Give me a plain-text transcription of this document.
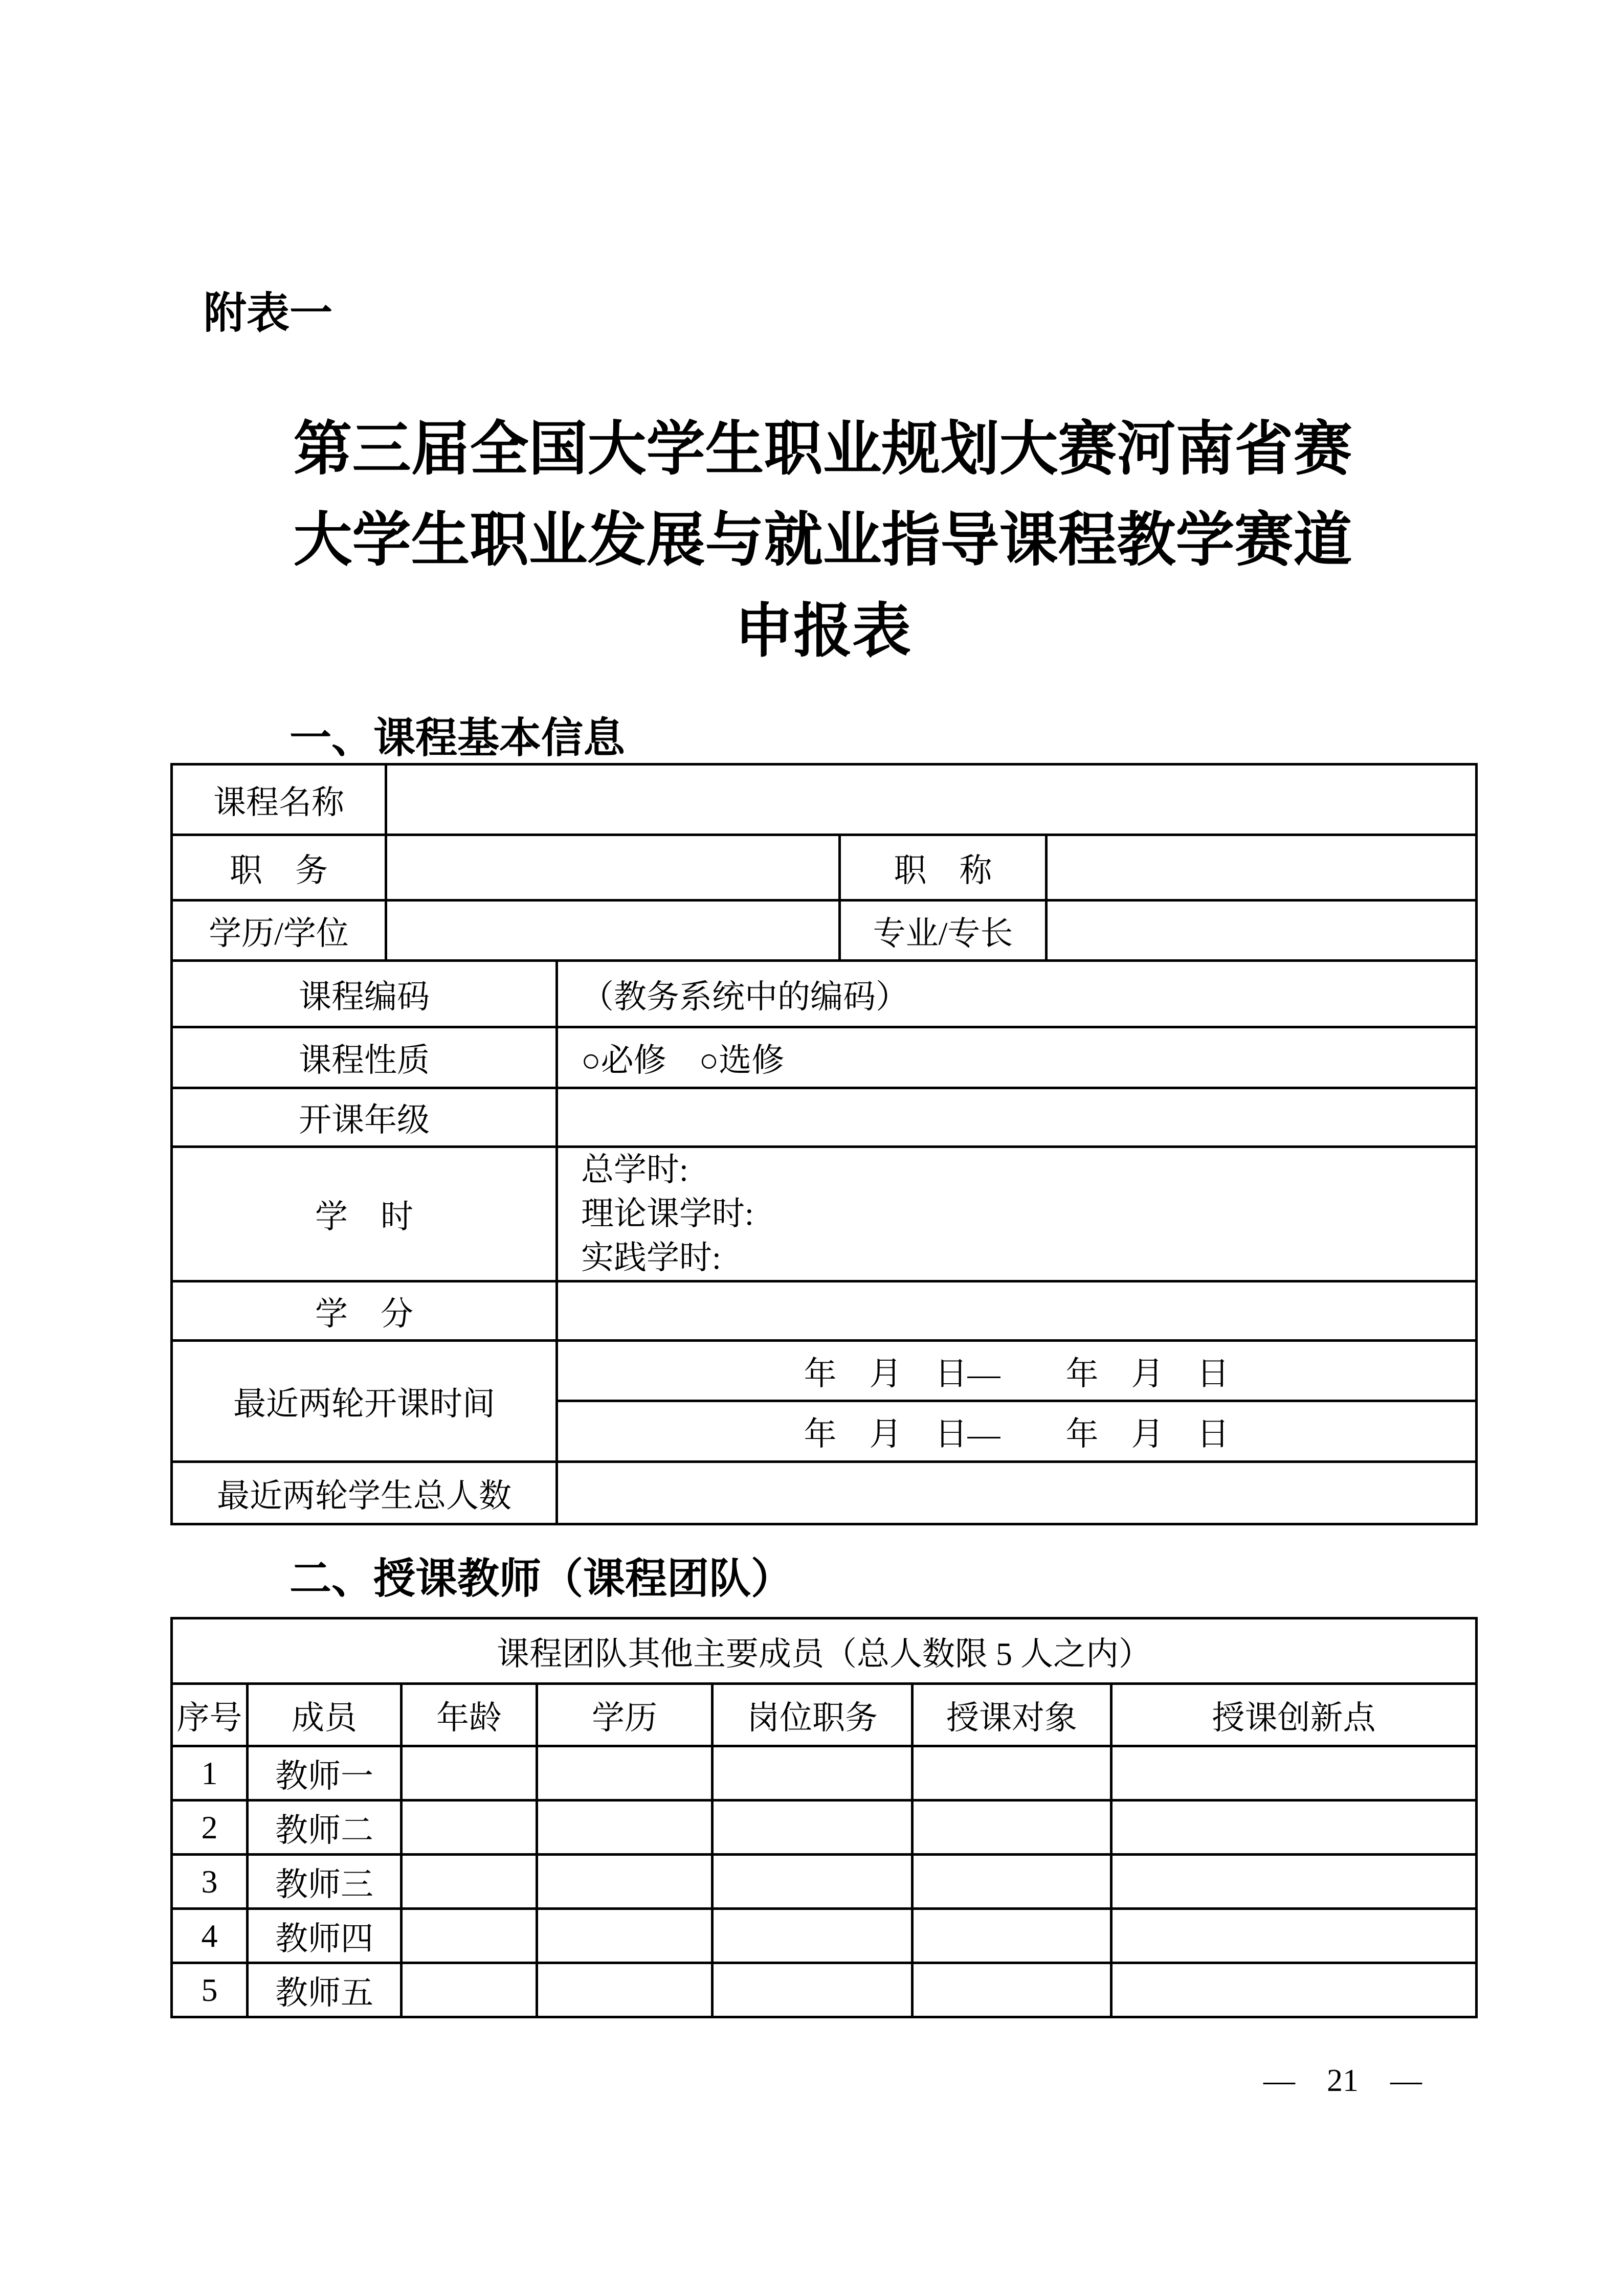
附表一
第三届全国大学生职业规划大赛河南省赛
大学生职业发展与就业指导课程教学赛道
申报表
一、课程基本信息
课程名称				
职　务			职　称	
学历/学位			专业/专长	
课程编码		（教务系统中的编码）		
课程性质		○必修　○选修		
开课年级				
学　时		总学时:
理论课学时:
实践学时:		

学　分				
最近两轮开课时间		年　月　日—　　年　月　日		
		年　月　日—　　年　月　日		
最近两轮学生总人数				
二、授课教师（课程团队）
课程团队其他主要成员（总人数限 5 人之内）						
序号	成员	年龄	学历	岗位职务	授课对象	授课创新点
1	教师一					
2	教师二					
3	教师三					
4	教师四					
5	教师五					
—　21　—
